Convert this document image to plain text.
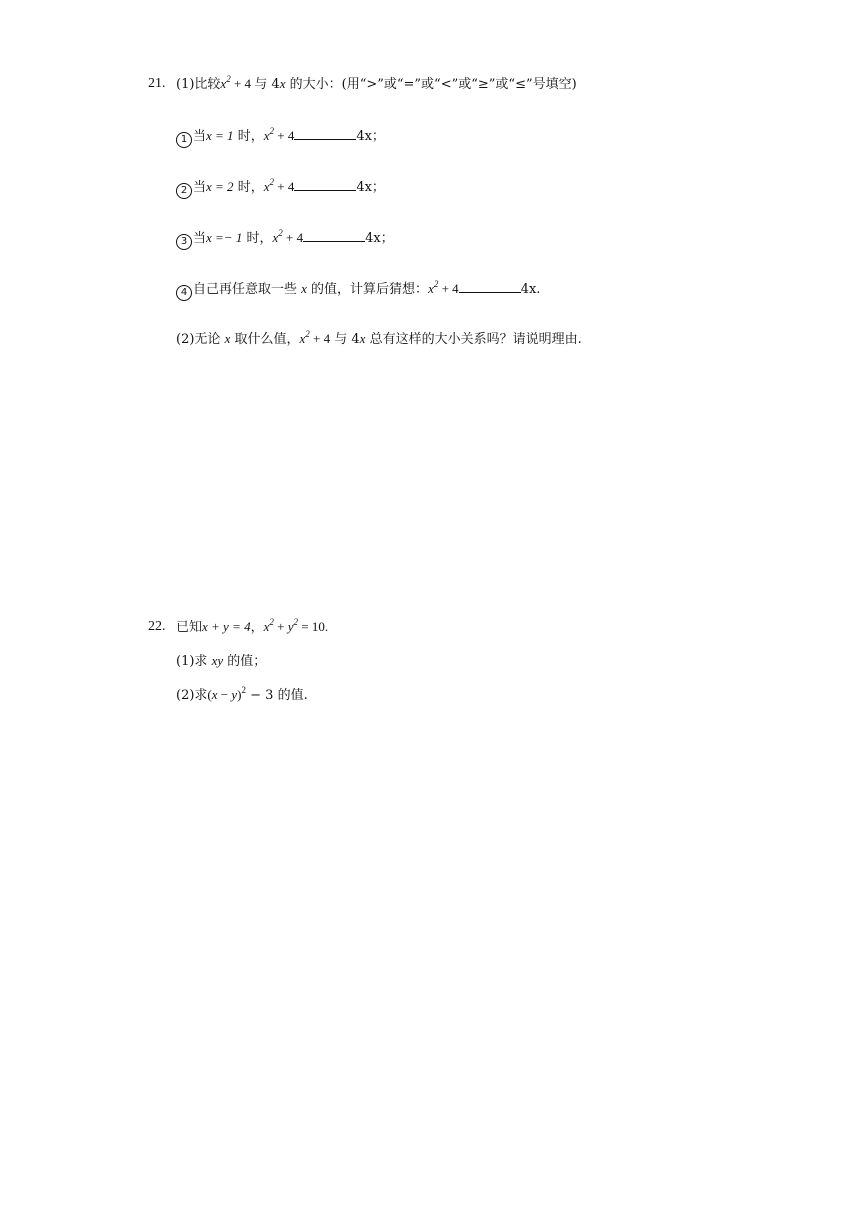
21. (1)比较$x^2 + 4$ 与 4x 的大小：(用“>”或“=”或“<”或“≥”或“≤”号填空)
1 当x = 1 时，$x^2 + 4$	4x；
2 当x = 2 时，$x^2 + 4$	4x；
3 当x =− 1 时，$x^2 + 4$	4x；
4 自己再任意取一些 x 的值，计算后猜想：$x^2 + 4$	4x.
(2)无论 x 取什么值，$x^2 + 4$ 与 4x 总有这样的大小关系吗？请说明理由.
22. 已知x + y = 4，$x^2 + y^2 = 10$.
(1)求 xy 的值；
(2)求$(x - y)^2 - 3$ 的值.
